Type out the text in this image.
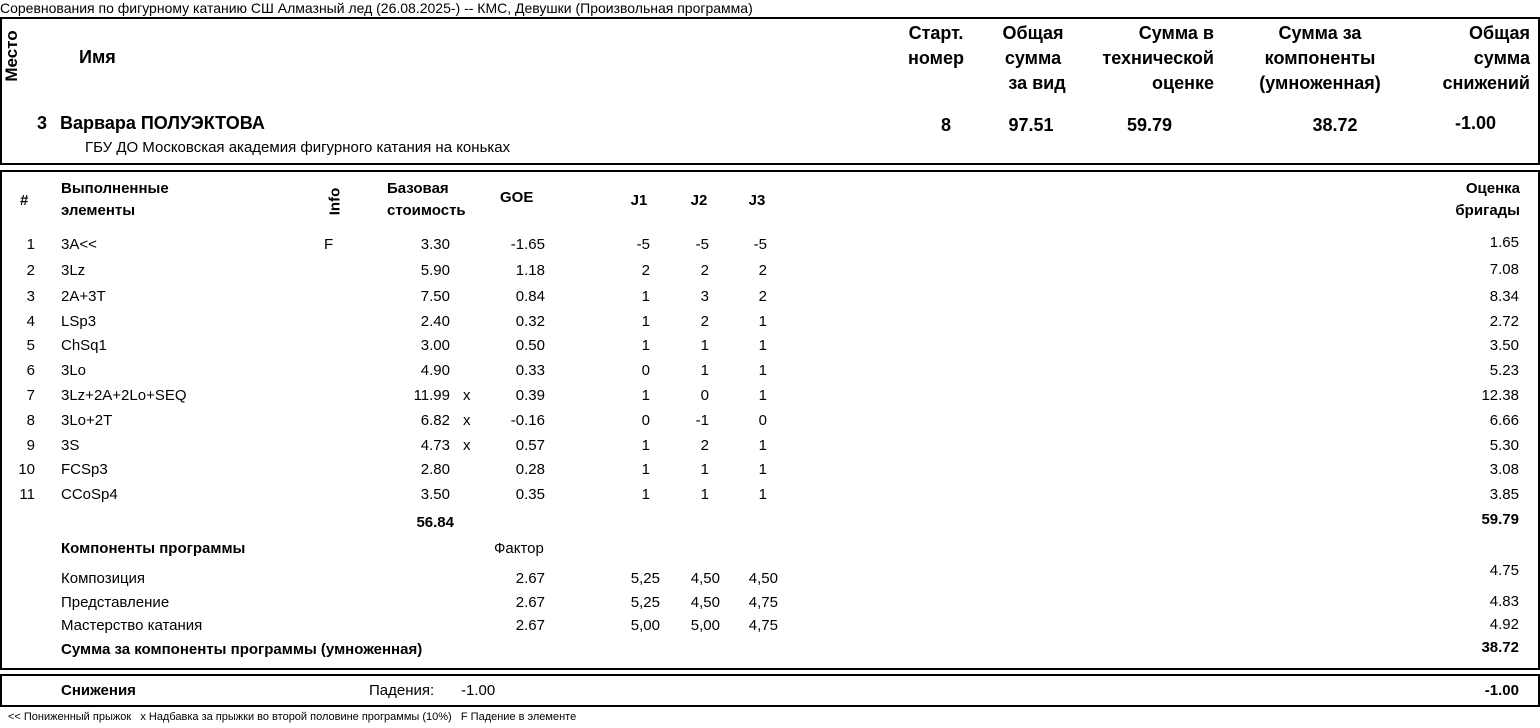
Соревнования по фигурному катанию СШ Алмазный лед (26.08.2025-) -- КМС, Девушки (Произвольная программа)
Место	Имя
Старт.
номер
Общая
сумма
за вид
Сумма в
технической
оценке
Сумма за
компоненты
(умноженная)
Общая
сумма
снижений
3 Варвара ПОЛУЭКТОВА
ГБУ ДО Московская академия фигурного катания на коньках
8	97.51	59.79	38.72	-1.00
#
Выполненные
элементы	Info	Базовая
стоимость
GOE	J1	J2	J3
Оценка
бригады
1 3A<<	F	3.30	-1.65	-5	-5	-5	1.65
2 3Lz	5.90	1.18	2	2	2	7.08
3 2A+3T	7.50	0.84	1	3	2	8.34
4 LSp3	2.40	0.32	1	2	1	2.72
5 ChSq1	3.00	0.50	1	1	1	3.50
6 3Lo	4.90	0.33	0	1	1	5.23
7 3Lz+2A+2Lo+SEQ	11.99 x	0.39	1	0	1	12.38
8 3Lo+2T	6.82 x	-0.16	0	-1	0	6.66
9 3S	4.73 x	0.57	1	2	1	5.30
10 FCSp3	2.80	0.28	1	1	1	3.08
11 CCoSp4	3.50	0.35	1	1	1	3.85
56.84	59.79
Компоненты программы	Фактор
Композиция	2.67	5,25	4,50	4,50	4.75
Представление	2.67	5,25	4,50	4,75	4.83
Мастерство катания	2.67	5,00	5,00	4,75	4.92
Сумма за компоненты программы (умноженная)	38.72
Снижения	Падения: -1.00	-1.00
<< Пониженный прыжок   x Надбавка за прыжки во второй половине программы (10%)   F Падение в элементе
